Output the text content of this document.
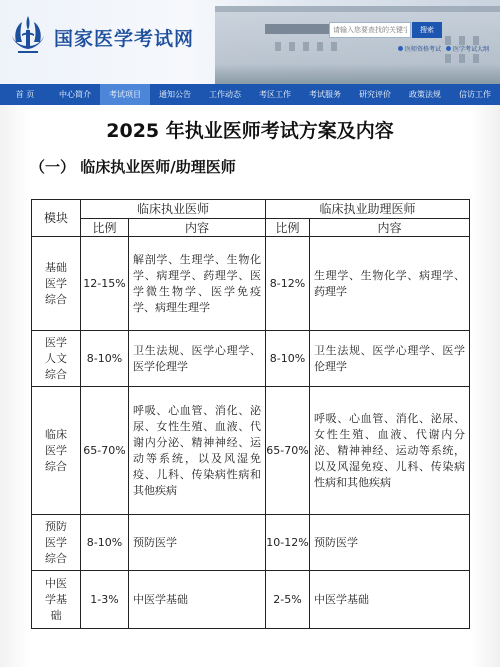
国家医学考试网
请输入您要查找的关键字	搜索
医师资格考试 医学考试大纲
首 页	中心简介	考试项目	通知公告	工作动态	考区工作	考试服务	研究评价	政策法规	信访工作
2025 年执业医师考试方案及内容
（一） 临床执业医师/助理医师
模块	临床执业医师		临床执业助理医师	
	比例	内容	比例	内容

基础医学综合	12-15%	解剖学、生理学、生物化学、病理学、药理学、医学微生物学、医学免疫学、病理生理学	8-12%	生理学、生物化学、病理学、药理学

医学人文综合	8-10%	卫生法规、医学心理学、医学伦理学	8-10%	卫生法规、医学心理学、医学伦理学

临床医学综合	65-70%	呼吸、心血管、消化、泌尿、女性生殖、血液、代谢内分泌、精神神经、运动等系统，以及风湿免疫、儿科、传染病性病和其他疾病	65-70%	呼吸、心血管、消化、泌尿、女性生殖、血液、代谢内分泌、精神神经、运动等系统，以及风湿免疫、儿科、传染病性病和其他疾病

预防医学综合	8-10%	预防医学	10-12%	预防医学

中医学基础	1-3%	中医学基础	2-5%	中医学基础
